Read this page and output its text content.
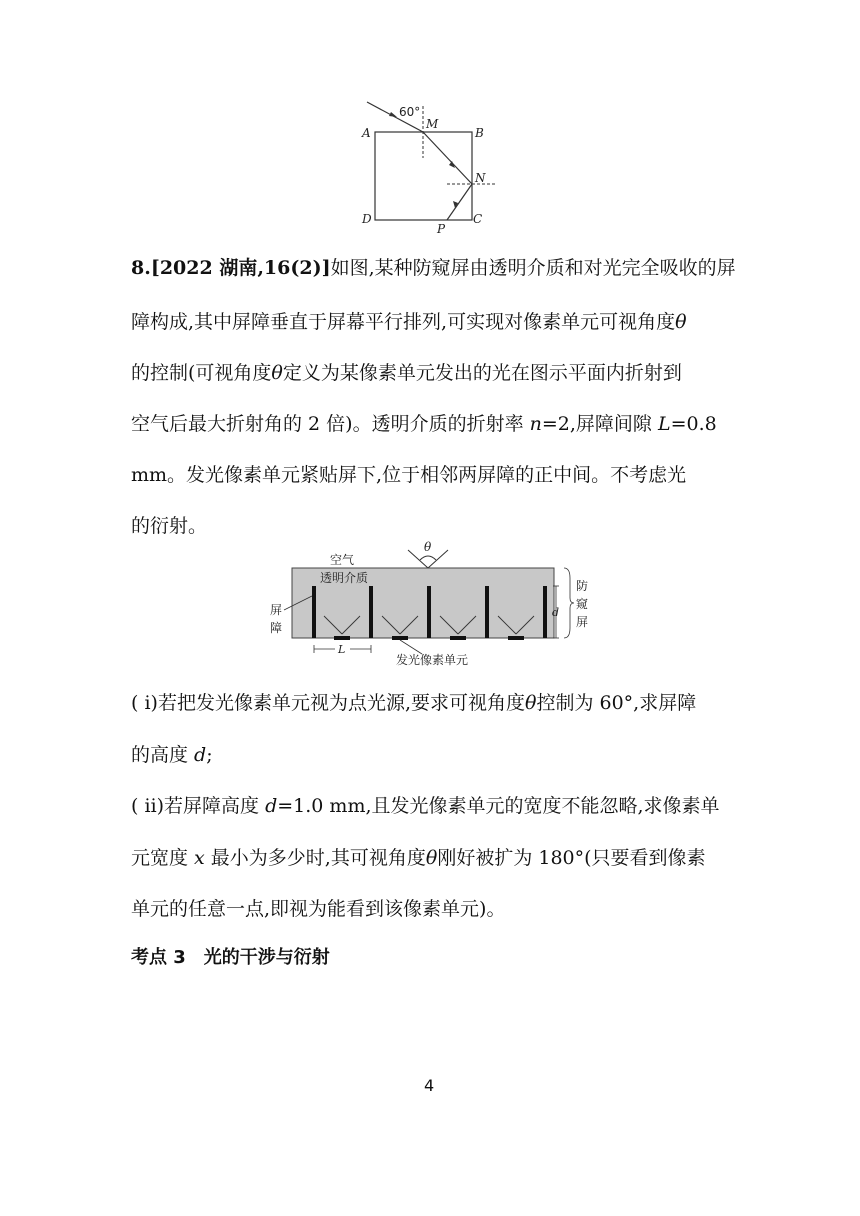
60°
A	B
M
N
D	C
P
8.[2022 湖南,16(2)]如图,某种防窥屏由透明介质和对光完全吸收的屏
障构成,其中屏障垂直于屏幕平行排列,可实现对像素单元可视角度θ
的控制(可视角度θ定义为某像素单元发出的光在图示平面内折射到
空气后最大折射角的 2 倍)。透明介质的折射率 n=2,屏障间隙 L=0.8
mm。发光像素单元紧贴屏下,位于相邻两屏障的正中间。不考虑光
的衍射。
θ
空气
透明介质
屏
障
d
防
窥
屏
L
发光像素单元
( ⅰ)若把发光像素单元视为点光源,要求可视角度θ控制为 60°,求屏障
的高度 d;
( ⅱ)若屏障高度 d=1.0 mm,且发光像素单元的宽度不能忽略,求像素单
元宽度 x 最小为多少时,其可视角度θ刚好被扩为 180°(只要看到像素
单元的任意一点,即视为能看到该像素单元)。
考点 3　光的干涉与衍射
4
